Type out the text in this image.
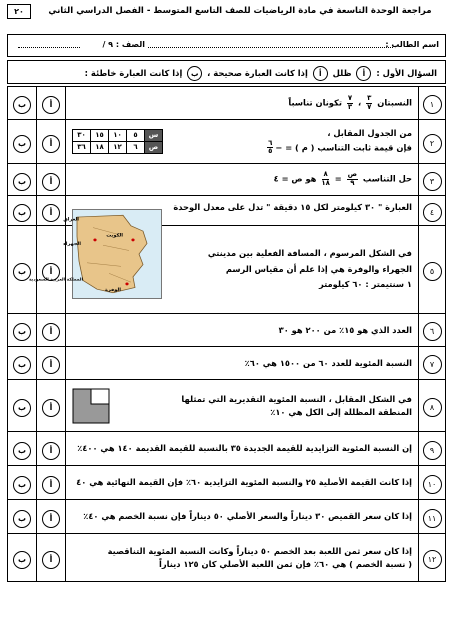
٢٠	مراجعة الوحدة التاسعة في مادة الرياضيات للصف التاسع المتوسط - الفصل الدراسي الثاني
اسم الطالب :
الصف : ٩ /
السؤال الأول : أ ظلل أ إذا كانت العبارة صحيحة ، ب إذا كانت العبارة خاطئة :
١	النسبتان
$\frac{٣}{٧}$
،
$\frac{٧}{٣}$
تكونان تناسباً	أ	ب
٢	
من الجدول المقابل ،
فإن قيمة ثابت التناسب ( م ) = −
$\frac{٦}{٥}$
س	٥	١٠	١٥	٣٠
ص	٦	١٢	١٨	٣٦
	أ	ب
٣	حل التناسب
$\frac{\text{ص}}{٩}$
=
$\frac{٨}{١٨}$
هو ص = ٤	أ	ب
٤	
العبارة " ٣٠ كيلومتر لكل ١٥ دقيقة " تدل على معدل الوحدة
	أ	ب
٥	
في الشكل المرسوم ، المسافة الفعلية بين مدينتي
الجهراء والوفرة هي إذا علم أن مقياس الرسم
١ سنتيمتر : ٦٠ كيلومتر
العراق
الجهراء
الوفرة
الكويت
المملكة العربية السعودية
	أ	ب
٦	العدد الذي هو ١٥٪ من ٢٠٠ هو ٣٠	أ	ب
٧	النسبة المئوية للعدد ٦٠ من ١٥٠٠ هي ٦٠٪	أ	ب
٨	
في الشكل المقابل ، النسبة المئوية التقديرية التي تمثلها
المنطقة المظللة إلى الكل هي ١٠٪
	أ	ب
٩	إن النسبة المئوية التزايدية للقيمة الجديدة ٣٥ بالنسبة للقيمة القديمة ١٤٠ هي ٤٠٠٪	أ	ب
١٠	إذا كانت القيمة الأصلية ٢٥ والنسبة المئوية التزايدية ٦٠٪ فإن القيمة النهائية هي ٤٠	أ	ب
١١	إذا كان سعر القميص ٣٠ ديناراً والسعر الأصلي ٥٠ ديناراً فإن نسبة الخصم هي ٤٠٪	أ	ب
١٢	
إذا كان سعر ثمن اللعبة بعد الخصم ٥٠ ديناراً وكانت النسبة المئوية التناقصية
( نسبة الخصم ) هي ٦٠٪ فإن ثمن اللعبة الأصلي كان ١٢٥ ديناراً
	أ	ب
